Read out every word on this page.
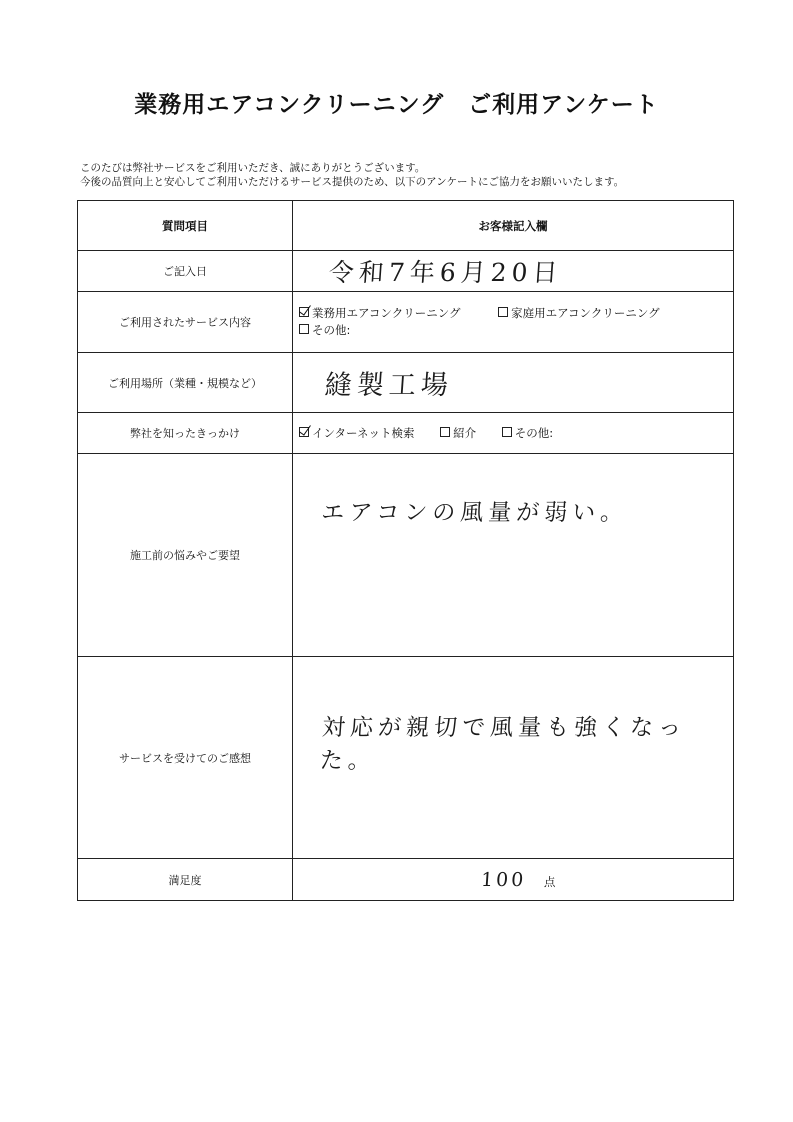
業務用エアコンクリーニング　ご利用アンケート
このたびは弊社サービスをご利用いただき、誠にありがとうございます。
今後の品質向上と安心してご利用いただけるサービス提供のため、以下のアンケートにご協力をお願いいたします。
質問項目	お客様記入欄
ご記入日	令和7年6月20日

ご利用されたサービス内容	業務用エアコンクリーニング 家庭用エアコンクリーニング
その他:

ご利用場所（業種・規模など）	縫製工場

弊社を知ったきっかけ	インターネット検索 紹介 その他:

施工前の悩みやご要望	エアコンの風量が弱い。

サービスを受けてのご感想	対応が親切で風量も強くなった。

満足度	100 点
